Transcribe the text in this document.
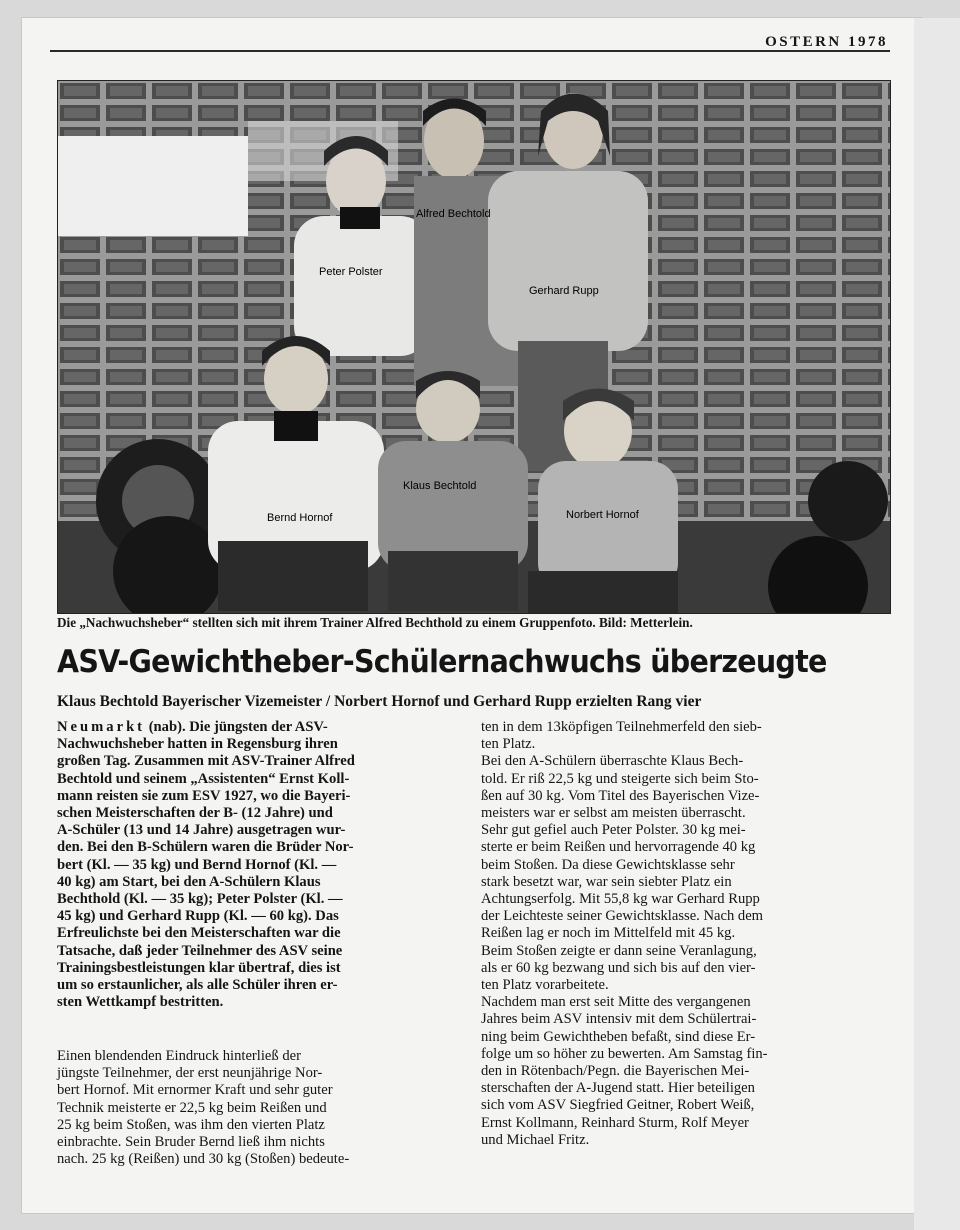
OSTERN 1978
Alfred Bechtold
Peter Polster
Gerhard Rupp
Klaus Bechtold
Bernd Hornof	Norbert Hornof
Die „Nachwuchsheber“ stellten sich mit ihrem Trainer Alfred Bechthold zu einem Gruppenfoto. Bild: Metterlein.
ASV-Gewichtheber-Schülernachwuchs überzeugte
Klaus Bechtold Bayerischer Vizemeister / Norbert Hornof und Gerhard Rupp erzielten Rang vier
Neumarkt (nab). Die jüngsten der ASV-
Nachwuchsheber hatten in Regensburg ihren
großen Tag. Zusammen mit ASV-Trainer Alfred
Bechtold und seinem „Assistenten“ Ernst Koll-
mann reisten sie zum ESV 1927, wo die Bayeri-
schen Meisterschaften der B- (12 Jahre) und
A-Schüler (13 und 14 Jahre) ausgetragen wur-
den. Bei den B-Schülern waren die Brüder Nor-
bert (Kl. — 35 kg) und Bernd Hornof (Kl. —
40 kg) am Start, bei den A-Schülern Klaus
Bechthold (Kl. — 35 kg); Peter Polster (Kl. —
45 kg) und Gerhard Rupp (Kl. — 60 kg). Das
Erfreulichste bei den Meisterschaften war die
Tatsache, daß jeder Teilnehmer des ASV seine
Trainingsbestleistungen klar übertraf, dies ist
um so erstaunlicher, als alle Schüler ihren er-
sten Wettkampf bestritten.
Einen blendenden Eindruck hinterließ der
jüngste Teilnehmer, der erst neunjährige Nor-
bert Hornof. Mit ernormer Kraft und sehr guter
Technik meisterte er 22,5 kg beim Reißen und
25 kg beim Stoßen, was ihm den vierten Platz
einbrachte. Sein Bruder Bernd ließ ihm nichts
nach. 25 kg (Reißen) und 30 kg (Stoßen) bedeute-
ten in dem 13köpfigen Teilnehmerfeld den sieb-
ten Platz.
Bei den A-Schülern überraschte Klaus Bech-
told. Er riß 22,5 kg und steigerte sich beim Sto-
ßen auf 30 kg. Vom Titel des Bayerischen Vize-
meisters war er selbst am meisten überrascht.
Sehr gut gefiel auch Peter Polster. 30 kg mei-
sterte er beim Reißen und hervorragende 40 kg
beim Stoßen. Da diese Gewichtsklasse sehr
stark besetzt war, war sein siebter Platz ein
Achtungserfolg. Mit 55,8 kg war Gerhard Rupp
der Leichteste seiner Gewichtsklasse. Nach dem
Reißen lag er noch im Mittelfeld mit 45 kg.
Beim Stoßen zeigte er dann seine Veranlagung,
als er 60 kg bezwang und sich bis auf den vier-
ten Platz vorarbeitete.
Nachdem man erst seit Mitte des vergangenen
Jahres beim ASV intensiv mit dem Schülertrai-
ning beim Gewichtheben befaßt, sind diese Er-
folge um so höher zu bewerten. Am Samstag fin-
den in Rötenbach/Pegn. die Bayerischen Mei-
sterschaften der A-Jugend statt. Hier beteiligen
sich vom ASV Siegfried Geitner, Robert Weiß,
Ernst Kollmann, Reinhard Sturm, Rolf Meyer
und Michael Fritz.
